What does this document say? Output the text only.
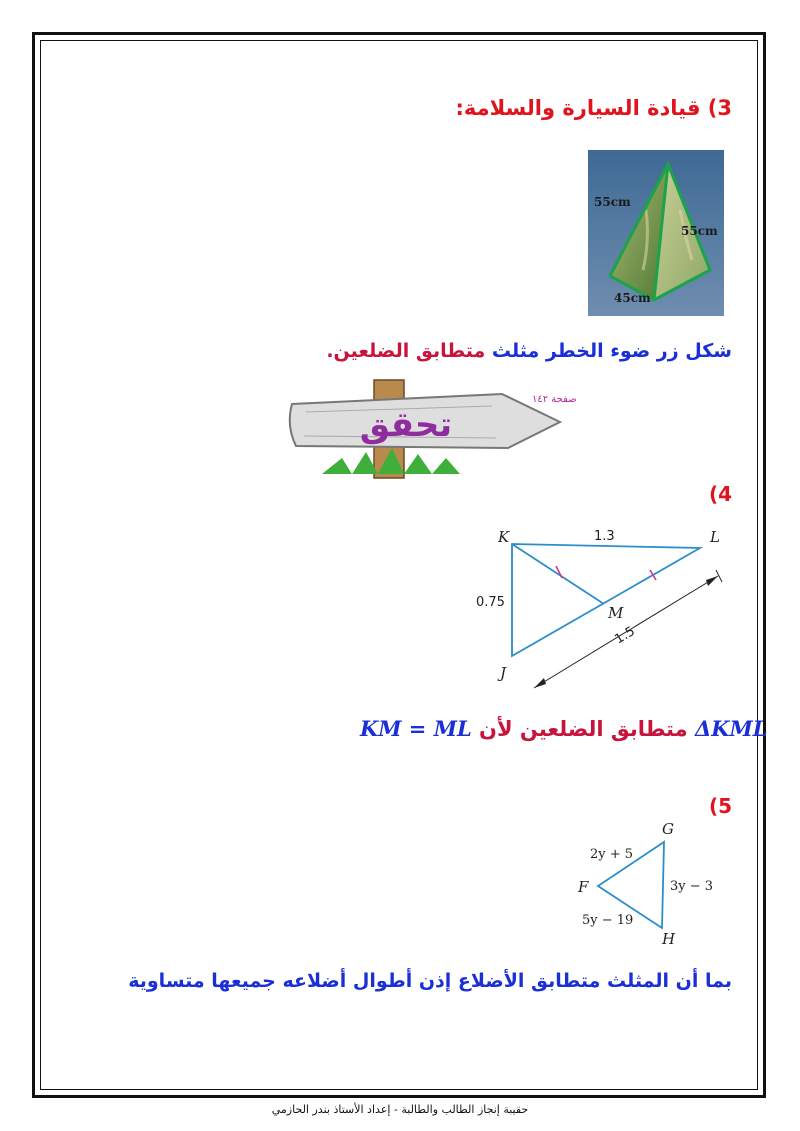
3) قيادة السيارة والسلامة:
55cm
55cm
45cm
شكل زر ضوء الخطر مثلث متطابق الضلعين.
صفحة ١٤٢
تحقق
(4
K	L
M
J
1.3
0.75
1.5
KM = ML متطابق الضلعين لأن ΔKML
(5
G
F
H
2y + 5
3y − 3
5y − 19
بما أن المثلث متطابق الأضلاع إذن أطوال أضلاعه جميعها متساوية
حقيبة إنجاز الطالب والطالبة - إعداد الأستاذ بندر الحازمي
